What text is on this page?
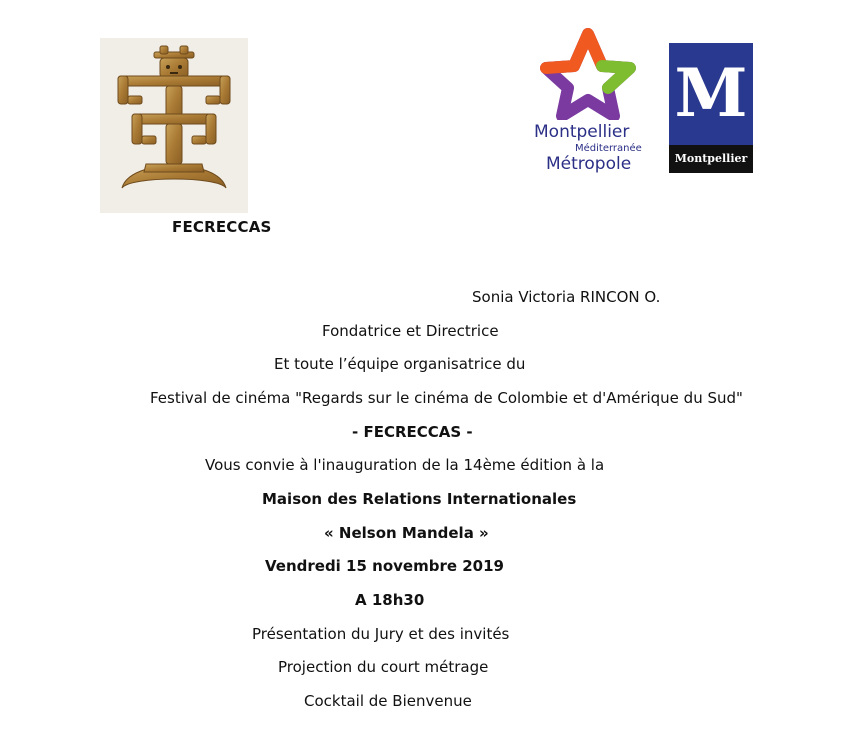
FECRECCAS
Montpellier
Méditerranée
Métropole
M
Montpellier
Sonia Victoria RINCON O.
Fondatrice et Directrice
Et toute l’équipe organisatrice du
Festival de cinéma "Regards sur le cinéma de Colombie et d'Amérique du Sud"
- FECRECCAS -
Vous convie à l'inauguration de la 14ème édition à la
Maison des Relations Internationales
« Nelson Mandela »
Vendredi 15 novembre 2019
A 18h30
Présentation du Jury et des invités
Projection du court métrage
Cocktail de Bienvenue
